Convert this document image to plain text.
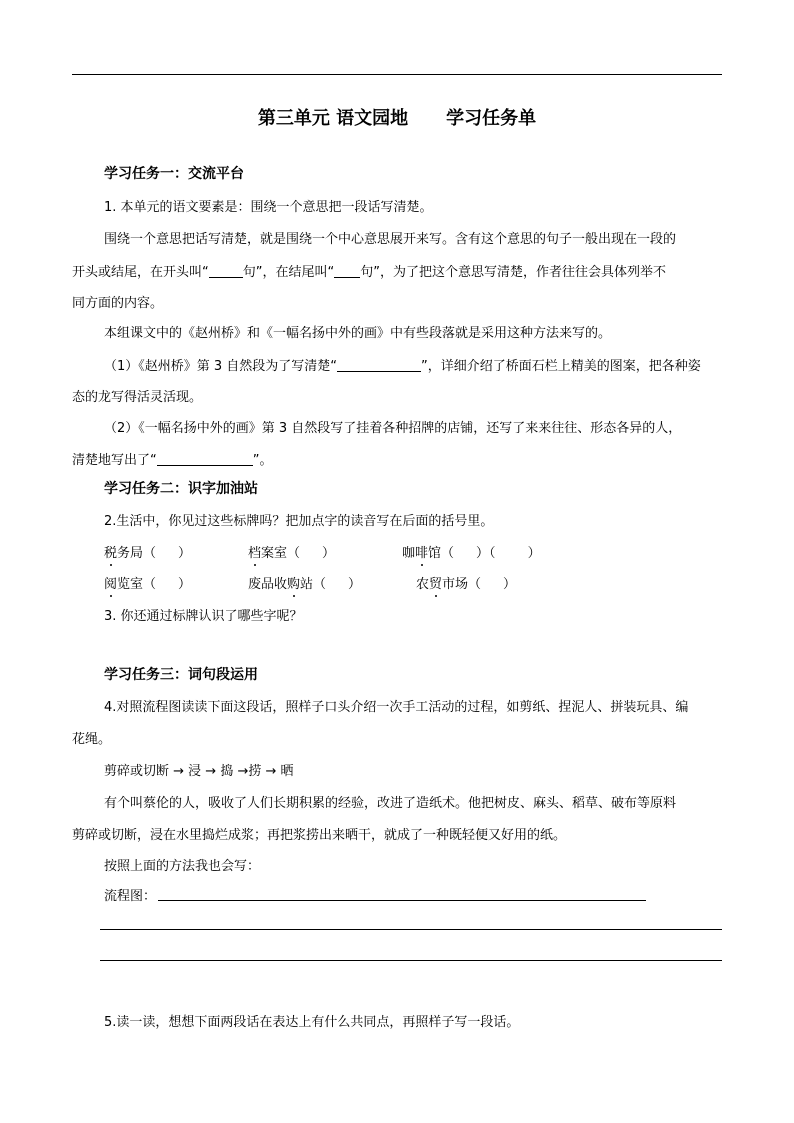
第三单元 语文园地 学习任务单
学习任务一：交流平台
1. 本单元的语文要素是：围绕一个意思把一段话写清楚。
围绕一个意思把话写清楚，就是围绕一个中心意思展开来写。含有这个意思的句子一般出现在一段的
开头或结尾，在开头叫“	句”，在结尾叫“ 句”，为了把这个意思写清楚，作者往往会具体列举不
同方面的内容。
本组课文中的《赵州桥》和《一幅名扬中外的画》中有些段落就是采用这种方法来写的。
（1）《赵州桥》第 3 自然段为了写清楚“	”，详细介绍了桥面石栏上精美的图案，把各种姿
态的龙写得活灵活现。
（2）《一幅名扬中外的画》第 3 自然段写了挂着各种招牌的店铺，还写了来来往往、形态各异的人，
清楚地写出了“	”。
学习任务二：识字加油站
2.生活中，你见过这些标牌吗？把加点字的读音写在后面的括号里。
税务局（ ）	档案室（ ）	咖啡馆（ ）（ ）
阅览室（ ）	废品收购站（ ）	农贸市场（ ）
3. 你还通过标牌认识了哪些字呢？
学习任务三：词句段运用
4.对照流程图读读下面这段话，照样子口头介绍一次手工活动的过程，如剪纸、捏泥人、拼装玩具、编
花绳。
剪碎或切断 → 浸 → 捣 →捞 → 晒
有个叫蔡伦的人，吸收了人们长期积累的经验，改进了造纸术。他把树皮、麻头、稻草、破布等原料
剪碎或切断，浸在水里捣烂成浆；再把浆捞出来晒干，就成了一种既轻便又好用的纸。
按照上面的方法我也会写：
流程图：
5.读一读，想想下面两段话在表达上有什么共同点，再照样子写一段话。
